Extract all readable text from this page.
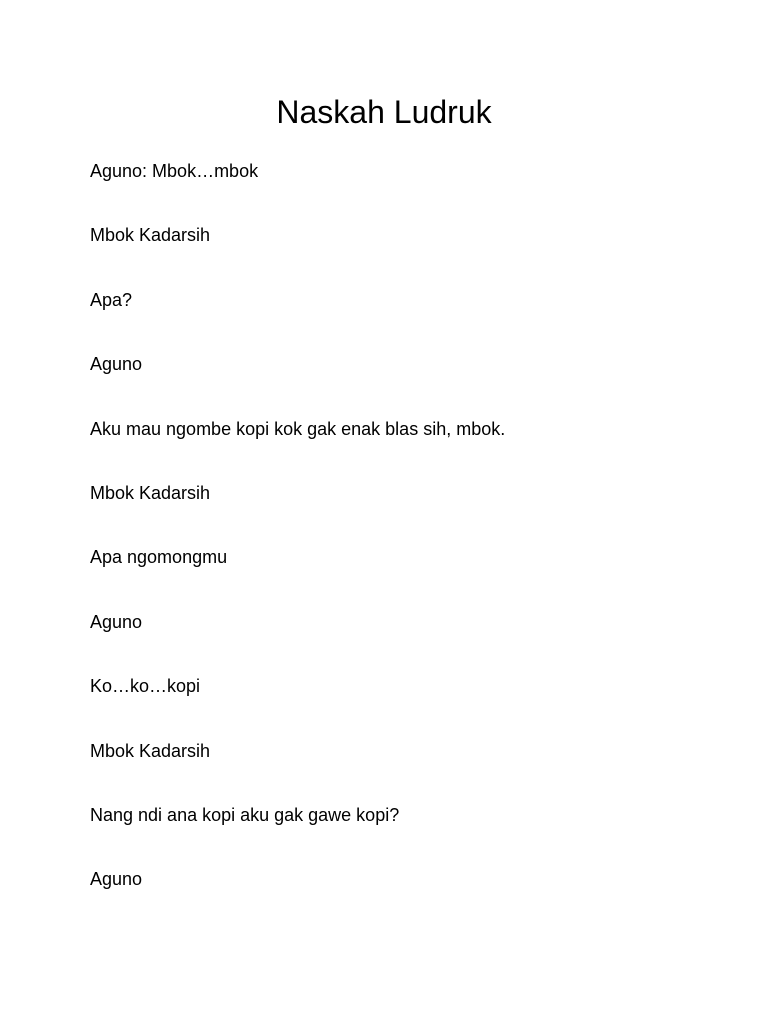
Naskah Ludruk
Aguno: Mbok…mbok
Mbok Kadarsih
Apa?
Aguno
Aku mau ngombe kopi kok gak enak blas sih, mbok.
Mbok Kadarsih
Apa ngomongmu
Aguno
Ko…ko…kopi
Mbok Kadarsih
Nang ndi ana kopi aku gak gawe kopi?
Aguno
